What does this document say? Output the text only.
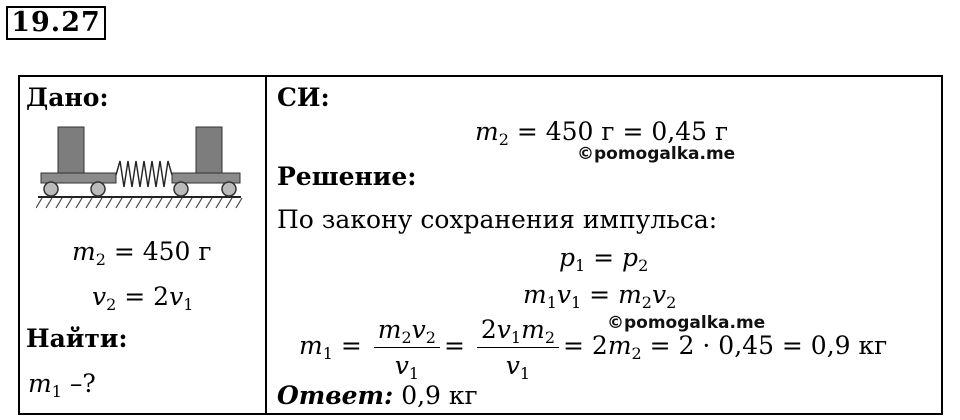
19.27
Дано:
$m_2 = 450$ г
$v_2 = 2v_1$
Найти:
$m_1$ –?
СИ:
$m_2 = 450$ г = 0,45 г
©pomogalka.me
Решение:
По закону сохранения импульса:
$p_1 = p_2$
$m_1v_1 = m_2v_2$
©pomogalka.me
$m_1 = \frac{m_2v_2}{v_1} = \frac{2v_1m_2}{v_1} = 2m_2 = 2 \cdot 0,45 = 0,9$ кг
Ответ: 0,9 кг
